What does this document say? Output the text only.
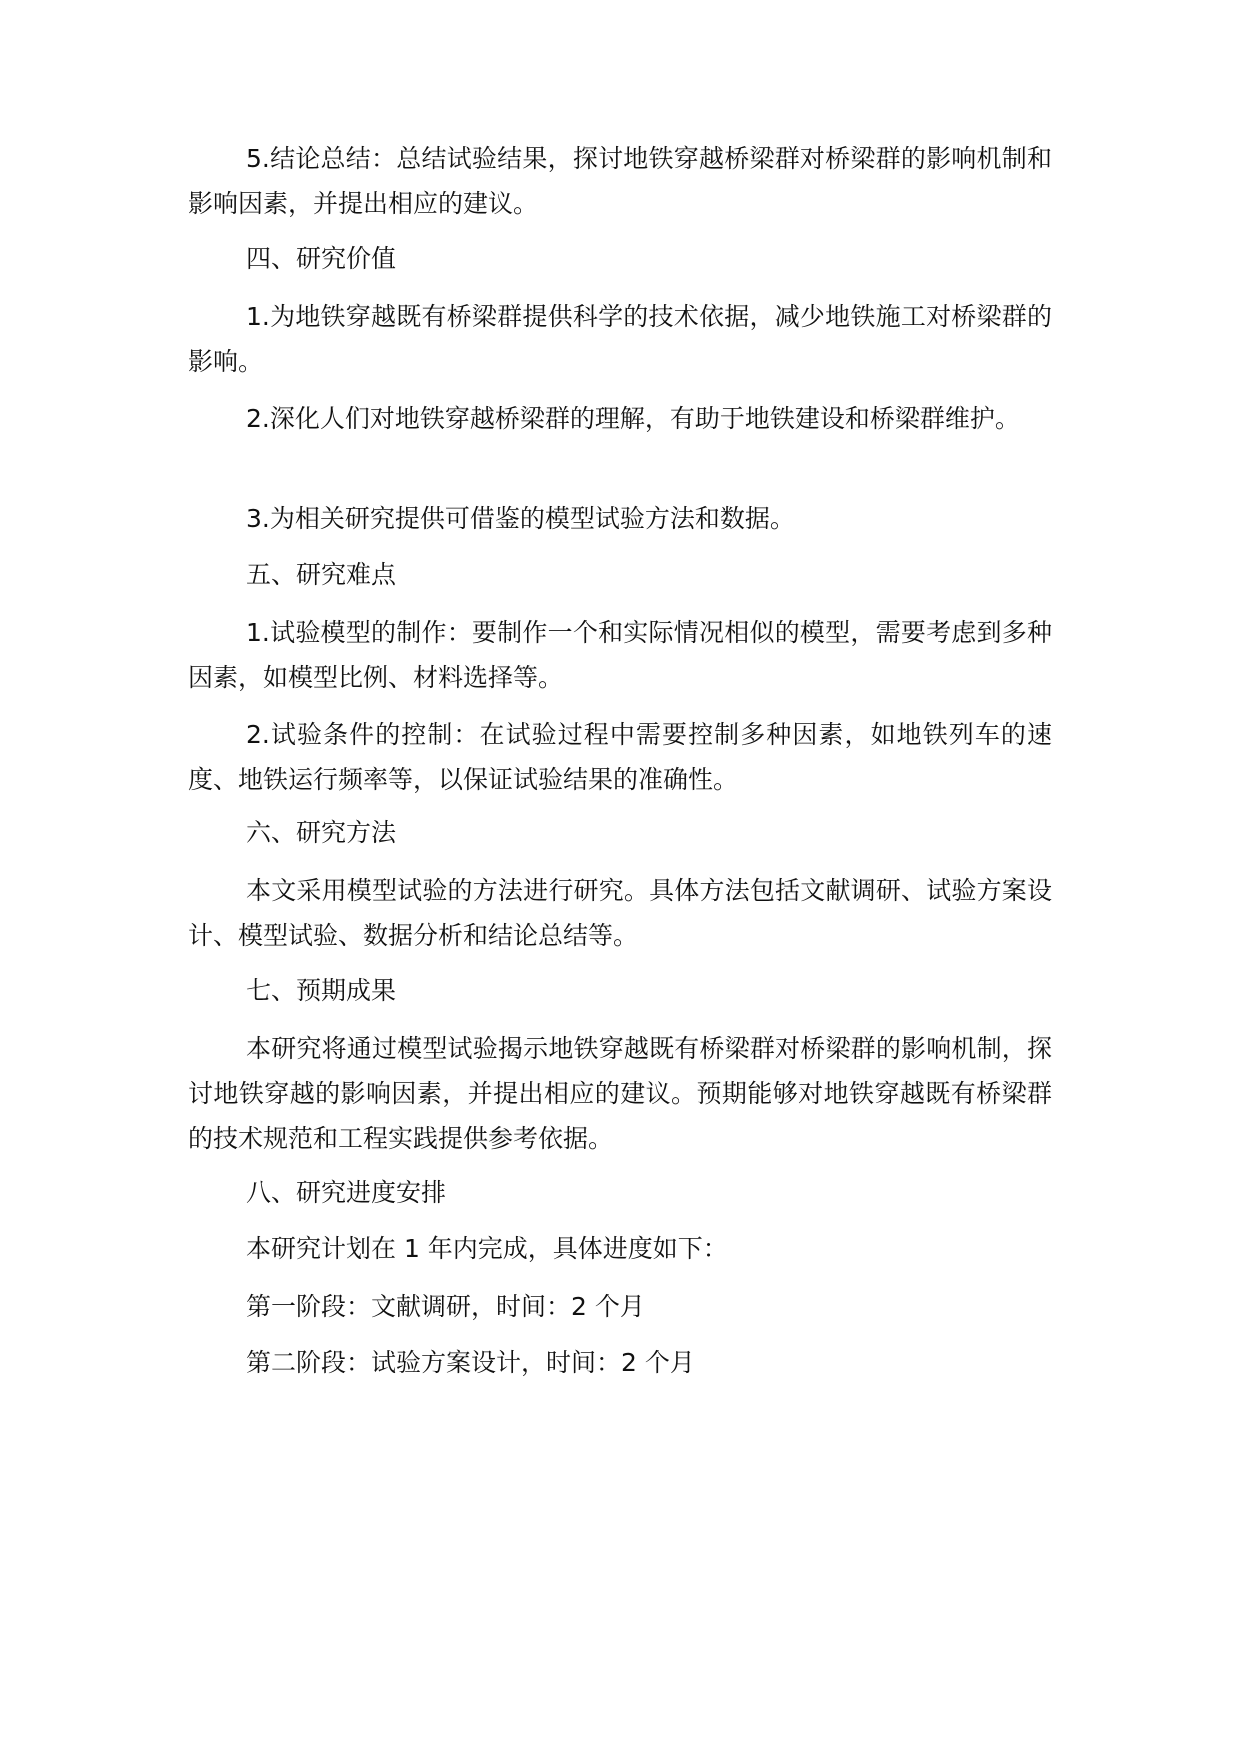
5.结论总结：总结试验结果，探讨地铁穿越桥梁群对桥梁群的影响机制和影响因素，并提出相应的建议。

四、研究价值

1.为地铁穿越既有桥梁群提供科学的技术依据，减少地铁施工对桥梁群的影响。

2.深化人们对地铁穿越桥梁群的理解，有助于地铁建设和桥梁群维护。

3.为相关研究提供可借鉴的模型试验方法和数据。

五、研究难点

1.试验模型的制作：要制作一个和实际情况相似的模型，需要考虑到多种因素，如模型比例、材料选择等。

2.试验条件的控制：在试验过程中需要控制多种因素，如地铁列车的速度、地铁运行频率等，以保证试验结果的准确性。

六、研究方法

本文采用模型试验的方法进行研究。具体方法包括文献调研、试验方案设计、模型试验、数据分析和结论总结等。

七、预期成果

本研究将通过模型试验揭示地铁穿越既有桥梁群对桥梁群的影响机制，探讨地铁穿越的影响因素，并提出相应的建议。预期能够对地铁穿越既有桥梁群的技术规范和工程实践提供参考依据。

八、研究进度安排

本研究计划在 1 年内完成，具体进度如下：

第一阶段：文献调研，时间：2 个月

第二阶段：试验方案设计，时间：2 个月
